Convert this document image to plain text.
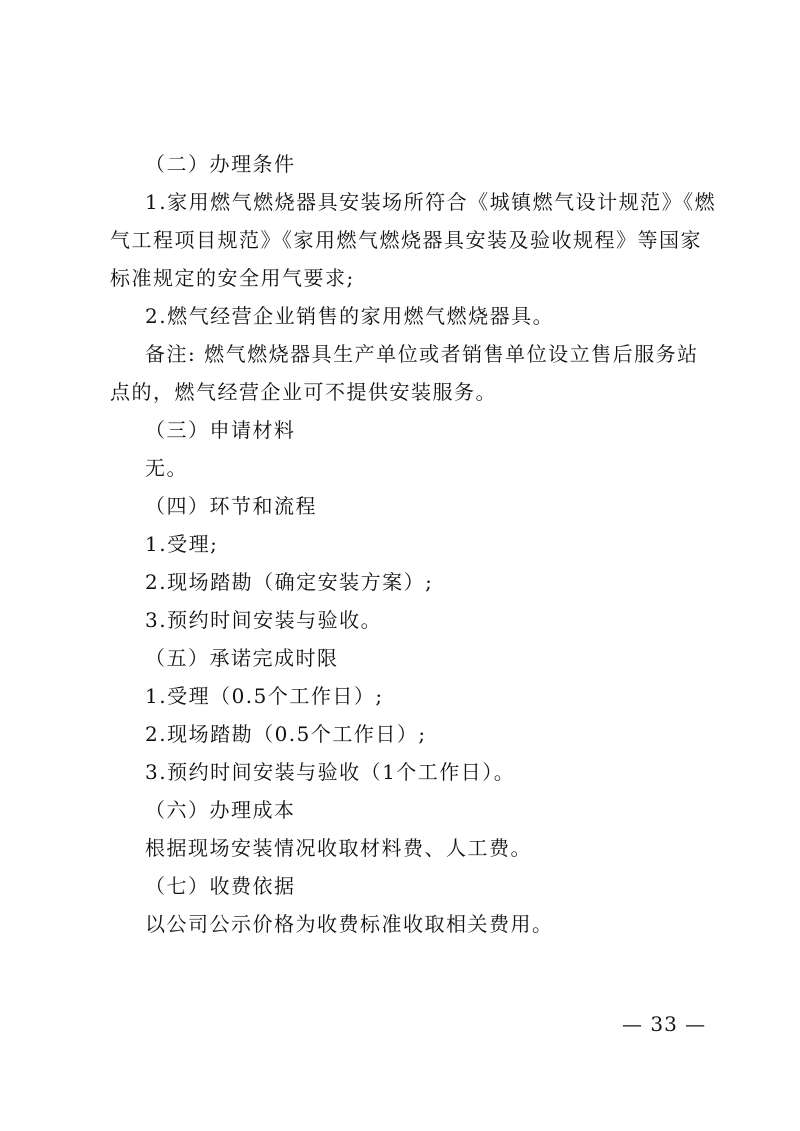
（二）办理条件
1.家用燃气燃烧器具安装场所符合《城镇燃气设计规范》《燃
气工程项目规范》《家用燃气燃烧器具安装及验收规程》等国家
标准规定的安全用气要求;
2.燃气经营企业销售的家用燃气燃烧器具。
备注: 燃气燃烧器具生产单位或者销售单位设立售后服务站
点的，燃气经营企业可不提供安装服务。
（三）申请材料
无。
（四）环节和流程
1.受理;
2.现场踏勘（确定安装方案）;
3.预约时间安装与验收。
（五）承诺完成时限
1.受理（0.5个工作日）;
2.现场踏勘（0.5个工作日）;
3.预约时间安装与验收（1个工作日）。
（六）办理成本
根据现场安装情况收取材料费、人工费。
（七）收费依据
以公司公示价格为收费标准收取相关费用。
— 33 —
